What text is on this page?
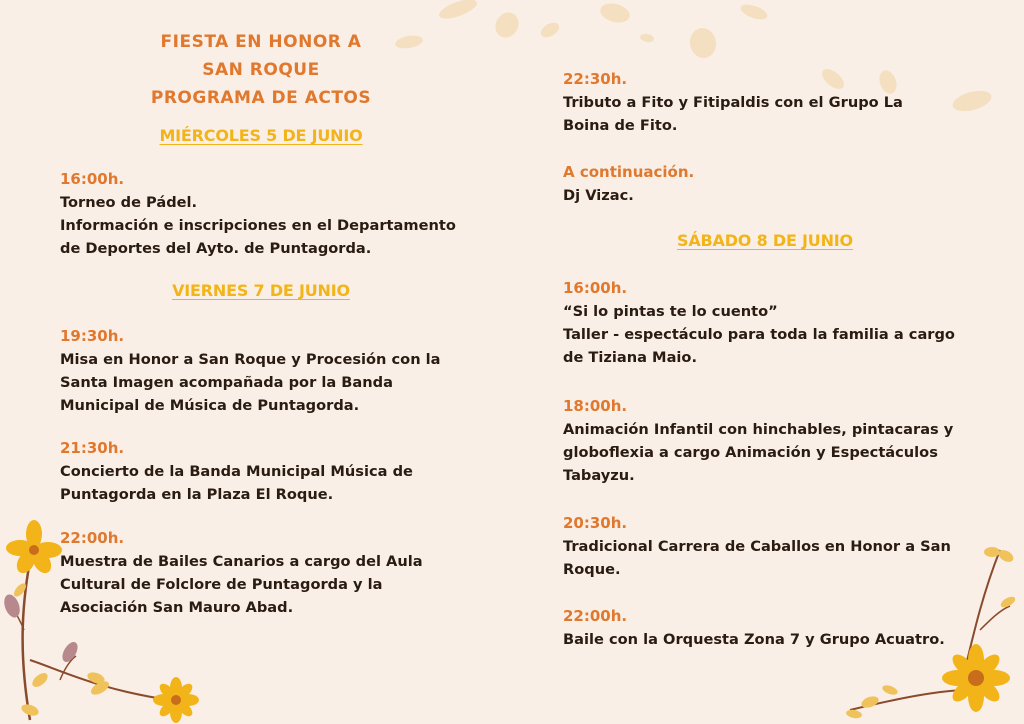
FIESTA EN HONOR A
SAN ROQUE
PROGRAMA DE ACTOS
MIÉRCOLES 5 DE JUNIO
16:00h.
Torneo de Pádel.
Información e inscripciones en el Departamento
de Deportes del Ayto. de Puntagorda.
VIERNES 7 DE JUNIO
19:30h.
Misa en Honor a San Roque y Procesión con la
Santa Imagen acompañada por la Banda
Municipal de Música de Puntagorda.
21:30h.
Concierto de la Banda Municipal Música de
Puntagorda en la Plaza El Roque.
22:00h.
Muestra de Bailes Canarios a cargo del Aula
Cultural de Folclore de Puntagorda y la
Asociación San Mauro Abad.
22:30h.
Tributo a Fito y Fitipaldis con el Grupo La
Boina de Fito.
A continuación.
Dj Vizac.
SÁBADO 8 DE JUNIO
16:00h.
“Si lo pintas te lo cuento”
Taller - espectáculo para toda la familia a cargo
de Tiziana Maio.
18:00h.
Animación Infantil con hinchables, pintacaras y
globoflexia a cargo Animación y Espectáculos
Tabayzu.
20:30h.
Tradicional Carrera de Caballos en Honor a San
Roque.
22:00h.
Baile con la Orquesta Zona 7 y Grupo Acuatro.
